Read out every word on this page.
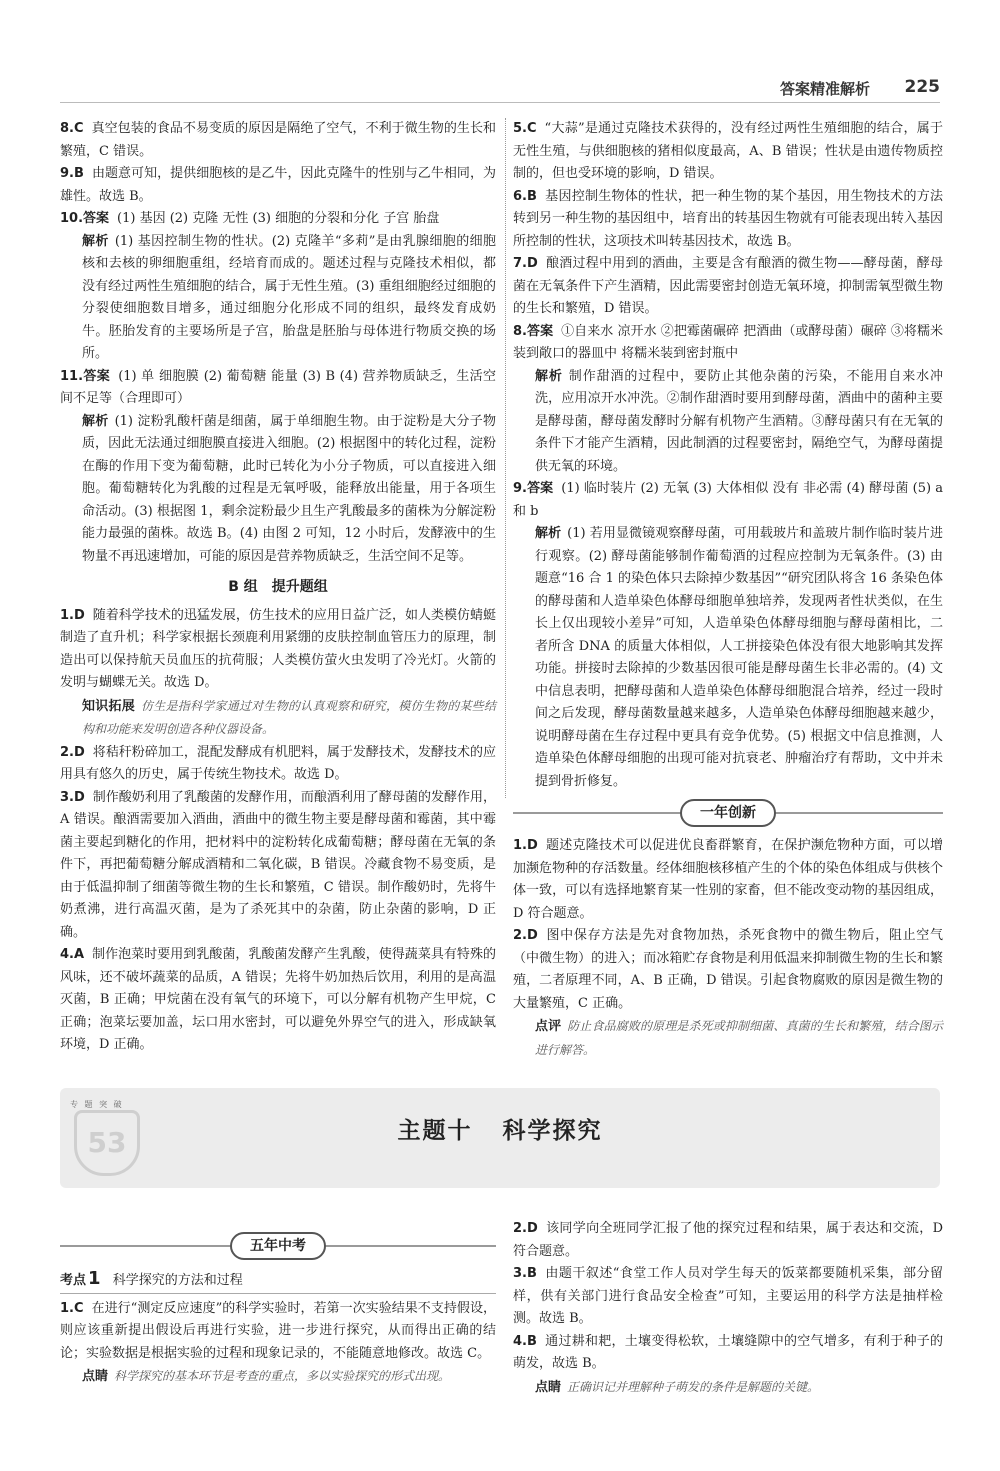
答案精准解析 225

8.C 真空包装的食品不易变质的原因是隔绝了空气，不利于微生物的生长和繁殖，C 错误。

9.B 由题意可知，提供细胞核的是乙牛，因此克隆牛的性别与乙牛相同，为雄性。故选 B。

10.答案 (1) 基因 (2) 克隆 无性 (3) 细胞的分裂和分化 子宫 胎盘

解析 (1) 基因控制生物的性状。(2) 克隆羊“多莉”是由乳腺细胞的细胞核和去核的卵细胞重组，经培育而成的。题述过程与克隆技术相似，都没有经过两性生殖细胞的结合，属于无性生殖。(3) 重组细胞经过细胞的分裂使细胞数目增多，通过细胞分化形成不同的组织，最终发育成奶牛。胚胎发育的主要场所是子宫，胎盘是胚胎与母体进行物质交换的场所。

11.答案 (1) 单 细胞膜 (2) 葡萄糖 能量 (3) B (4) 营养物质缺乏，生活空间不足等（合理即可）

解析 (1) 淀粉乳酸杆菌是细菌，属于单细胞生物。由于淀粉是大分子物质，因此无法通过细胞膜直接进入细胞。(2) 根据图中的转化过程，淀粉在酶的作用下变为葡萄糖，此时已转化为小分子物质，可以直接进入细胞。葡萄糖转化为乳酸的过程是无氧呼吸，能释放出能量，用于各项生命活动。(3) 根据图 1，剩余淀粉最少且生产乳酸最多的菌株为分解淀粉能力最强的菌株。故选 B。(4) 由图 2 可知，12 小时后，发酵液中的生物量不再迅速增加，可能的原因是营养物质缺乏，生活空间不足等。

B 组　提升题组

1.D 随着科学技术的迅猛发展，仿生技术的应用日益广泛，如人类模仿蜻蜓制造了直升机；科学家根据长颈鹿利用紧绷的皮肤控制血管压力的原理，制造出可以保持航天员血压的抗荷服；人类模仿萤火虫发明了冷光灯。火箭的发明与蝴蝶无关。故选 D。

知识拓展 仿生是指科学家通过对生物的认真观察和研究，模仿生物的某些结构和功能来发明创造各种仪器设备。

2.D 将秸秆粉碎加工，混配发酵成有机肥料，属于发酵技术，发酵技术的应用具有悠久的历史，属于传统生物技术。故选 D。

3.D 制作酸奶利用了乳酸菌的发酵作用，而酿酒利用了酵母菌的发酵作用，A 错误。酿酒需要加入酒曲，酒曲中的微生物主要是酵母菌和霉菌，其中霉菌主要起到糖化的作用，把材料中的淀粉转化成葡萄糖；酵母菌在无氧的条件下，再把葡萄糖分解成酒精和二氧化碳，B 错误。冷藏食物不易变质，是由于低温抑制了细菌等微生物的生长和繁殖，C 错误。制作酸奶时，先将牛奶煮沸，进行高温灭菌，是为了杀死其中的杂菌，防止杂菌的影响，D 正确。

4.A 制作泡菜时要用到乳酸菌，乳酸菌发酵产生乳酸，使得蔬菜具有特殊的风味，还不破坏蔬菜的品质，A 错误；先将牛奶加热后饮用，利用的是高温灭菌，B 正确；甲烷菌在没有氧气的环境下，可以分解有机物产生甲烷，C 正确；泡菜坛要加盖，坛口用水密封，可以避免外界空气的进入，形成缺氧环境，D 正确。

5.C “大蒜”是通过克隆技术获得的，没有经过两性生殖细胞的结合，属于无性生殖，与供细胞核的猪相似度最高，A、B 错误；性状是由遗传物质控制的，但也受环境的影响，D 错误。

6.B 基因控制生物体的性状，把一种生物的某个基因，用生物技术的方法转到另一种生物的基因组中，培育出的转基因生物就有可能表现出转入基因所控制的性状，这项技术叫转基因技术，故选 B。

7.D 酿酒过程中用到的酒曲，主要是含有酿酒的微生物——酵母菌，酵母菌在无氧条件下产生酒精，因此需要密封创造无氧环境，抑制需氧型微生物的生长和繁殖，D 错误。

8.答案 ①自来水 凉开水 ②把霉菌碾碎 把酒曲（或酵母菌）碾碎 ③将糯米装到敞口的器皿中 将糯米装到密封瓶中

解析 制作甜酒的过程中，要防止其他杂菌的污染，不能用自来水冲洗，应用凉开水冲洗。②制作甜酒时要用到酵母菌，酒曲中的菌种主要是酵母菌，酵母菌发酵时分解有机物产生酒精。③酵母菌只有在无氧的条件下才能产生酒精，因此制酒的过程要密封，隔绝空气，为酵母菌提供无氧的环境。

9.答案 (1) 临时装片 (2) 无氧 (3) 大体相似 没有 非必需 (4) 酵母菌 (5) a 和 b

解析 (1) 若用显微镜观察酵母菌，可用载玻片和盖玻片制作临时装片进行观察。(2) 酵母菌能够制作葡萄酒的过程应控制为无氧条件。(3) 由题意“16 合 1 的染色体只去除掉少数基因”“研究团队将含 16 条染色体的酵母菌和人造单染色体酵母细胞单独培养，发现两者性状类似，在生长上仅出现较小差异”可知，人造单染色体酵母细胞与酵母菌相比，二者所含 DNA 的质量大体相似，人工拼接染色体没有很大地影响其发挥功能。拼接时去除掉的少数基因很可能是酵母菌生长非必需的。(4) 文中信息表明，把酵母菌和人造单染色体酵母细胞混合培养，经过一段时间之后发现，酵母菌数量越来越多，人造单染色体酵母细胞越来越少，说明酵母菌在生存过程中更具有竞争优势。(5) 根据文中信息推测，人造单染色体酵母细胞的出现可能对抗衰老、肿瘤治疗有帮助，文中并未提到骨折修复。

一年创新

1.D 题述克隆技术可以促进优良畜群繁育，在保护濒危物种方面，可以增加濒危物种的存活数量。经体细胞核移植产生的个体的染色体组成与供核个体一致，可以有选择地繁育某一性别的家畜，但不能改变动物的基因组成，D 符合题意。

2.D 图中保存方法是先对食物加热，杀死食物中的微生物后，阻止空气（中微生物）的进入；而冰箱贮存食物是利用低温来抑制微生物的生长和繁殖，二者原理不同，A、B 正确，D 错误。引起食物腐败的原因是微生物的大量繁殖，C 正确。

点评 防止食品腐败的原理是杀死或抑制细菌、真菌的生长和繁殖，结合图示进行解答。

专 题 突 破
53	主题十 科学探究
五年中考
考点 1 科学探究的方法和过程

1.C 在进行“测定反应速度”的科学实验时，若第一次实验结果不支持假设，则应该重新提出假设后再进行实验，进一步进行探究，从而得出正确的结论；实验数据是根据实验的过程和现象记录的，不能随意地修改。故选 C。

点睛 科学探究的基本环节是考查的重点，多以实验探究的形式出现。

2.D 该同学向全班同学汇报了他的探究过程和结果，属于表达和交流，D 符合题意。

3.B 由题干叙述“食堂工作人员对学生每天的饭菜都要随机采集，部分留样，供有关部门进行食品安全检查”可知，主要运用的科学方法是抽样检测。故选 B。

4.B 通过耕和耙，土壤变得松软，土壤缝隙中的空气增多，有利于种子的萌发，故选 B。

点睛 正确识记并理解种子萌发的条件是解题的关键。
